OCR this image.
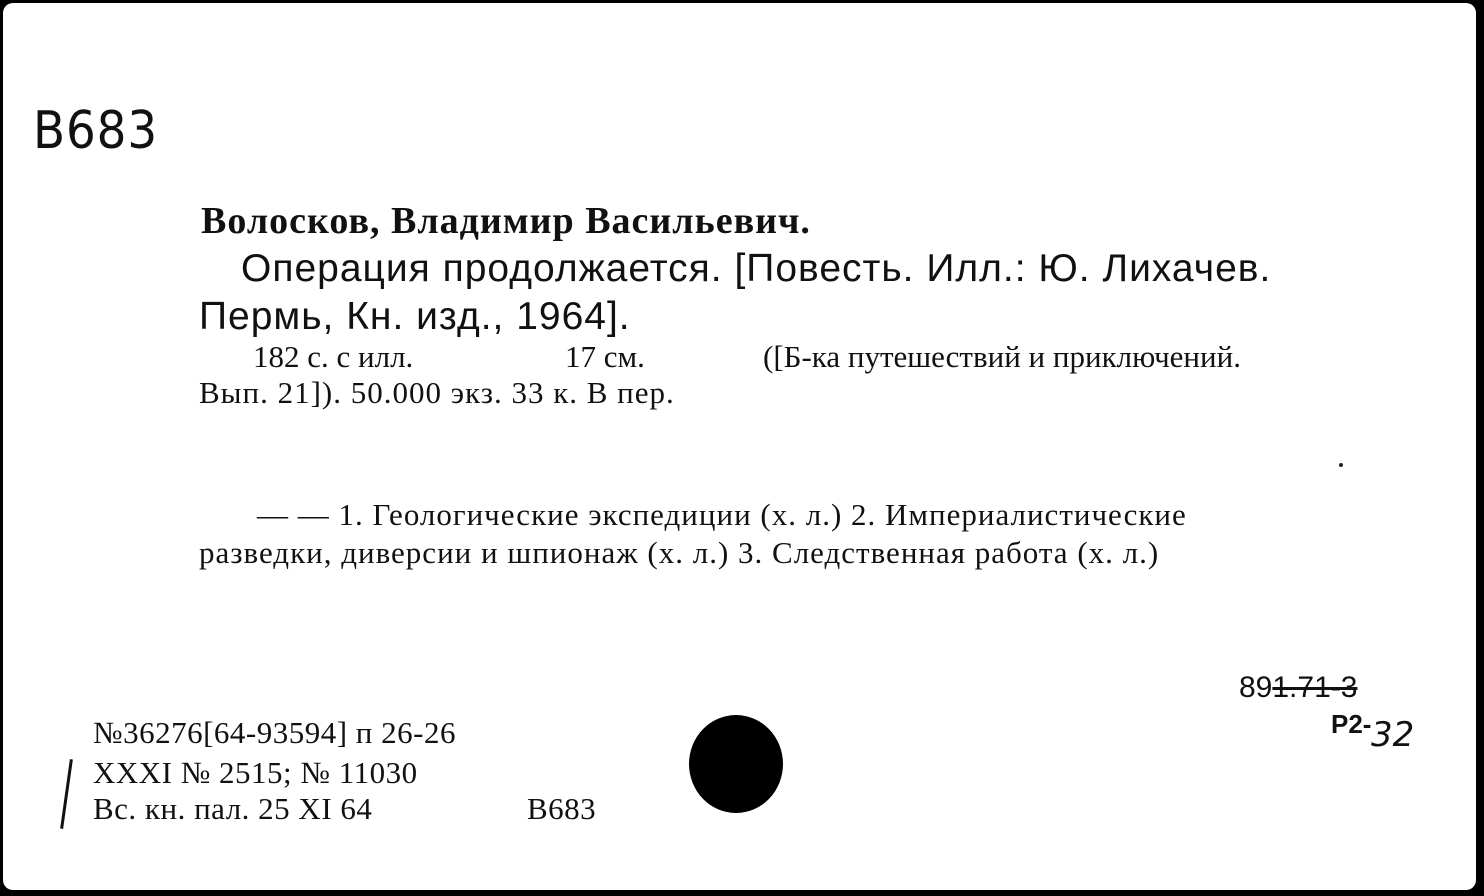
B683
Волосков, Владимир Васильевич.
Операция продолжается. [Повесть. Илл.: Ю. Лихачев.
Пермь, Кн. изд., 1964].
182 с. с илл.	17 см.	([Б-ка путешествий и приключений.
Вып. 21]). 50.000 экз. 33 к. В пер.
— — 1. Геологические экспедиции (х. л.) 2. Империалистические
разведки, диверсии и шпионаж (х. л.) 3. Следственная работа (х. л.)
891.71-3
Р2- 32
№36276[64-93594] п 26-26
XXXI № 2515; № 11030
Вс. кн. пал. 25 XI 64	B683
